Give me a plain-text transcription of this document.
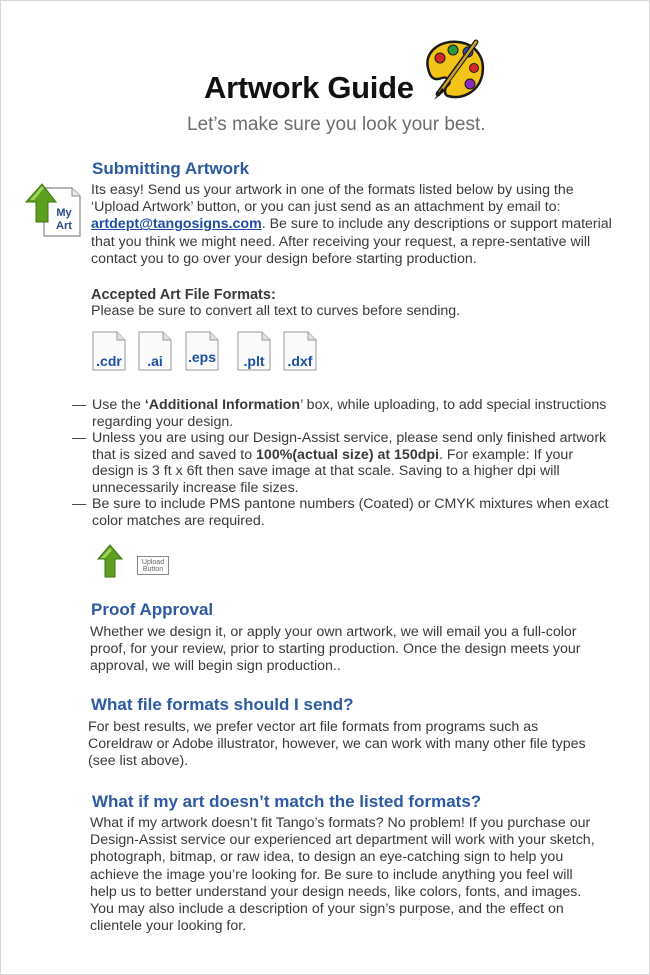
Artwork Guide

Let’s make sure you look your best.

Submitting Artwork
My
Art

Its easy! Send us your artwork in one of the formats listed below by using the ‘Upload Artwork’ button, or you can just send as an attachment by email to: artdept@tangosigns.com. Be sure to include any descriptions or support material that you think we might need. After receiving your request, a repre-sentative will contact you to go over your design before starting production.

Accepted Art File Formats:

Please be sure to convert all text to curves before sending.

.cdr	.ai	.eps	.plt	.dxf
— Use the ‘Additional Information’ box, while uploading, to add special instructions regarding your design.
— Unless you are using our Design-Assist service, please send only finished artwork that is sized and saved to 100%(actual size) at 150dpi. For example: If your design is 3 ft x 6ft then save image at that scale. Saving to a higher dpi will unnecessarily increase file sizes.
— Be sure to include PMS pantone numbers (Coated) or CMYK mixtures when exact color matches are required.
Upload
Button
Proof Approval

Whether we design it, or apply your own artwork, we will email you a full-color proof, for your review, prior to starting production. Once the design meets your approval, we will begin sign production..

What file formats should I send?

For best results, we prefer vector art file formats from programs such as Coreldraw or Adobe illustrator, however, we can work with many other file types (see list above).

What if my art doesn’t match the listed formats?

What if my artwork doesn’t fit Tango’s formats? No problem! If you purchase our Design-Assist service our experienced art department will work with your sketch, photograph, bitmap, or raw idea, to design an eye-catching sign to help you achieve the image you’re looking for. Be sure to include anything you feel will help us to better understand your design needs, like colors, fonts, and images. You may also include a description of your sign’s purpose, and the effect on clientele your looking for.
